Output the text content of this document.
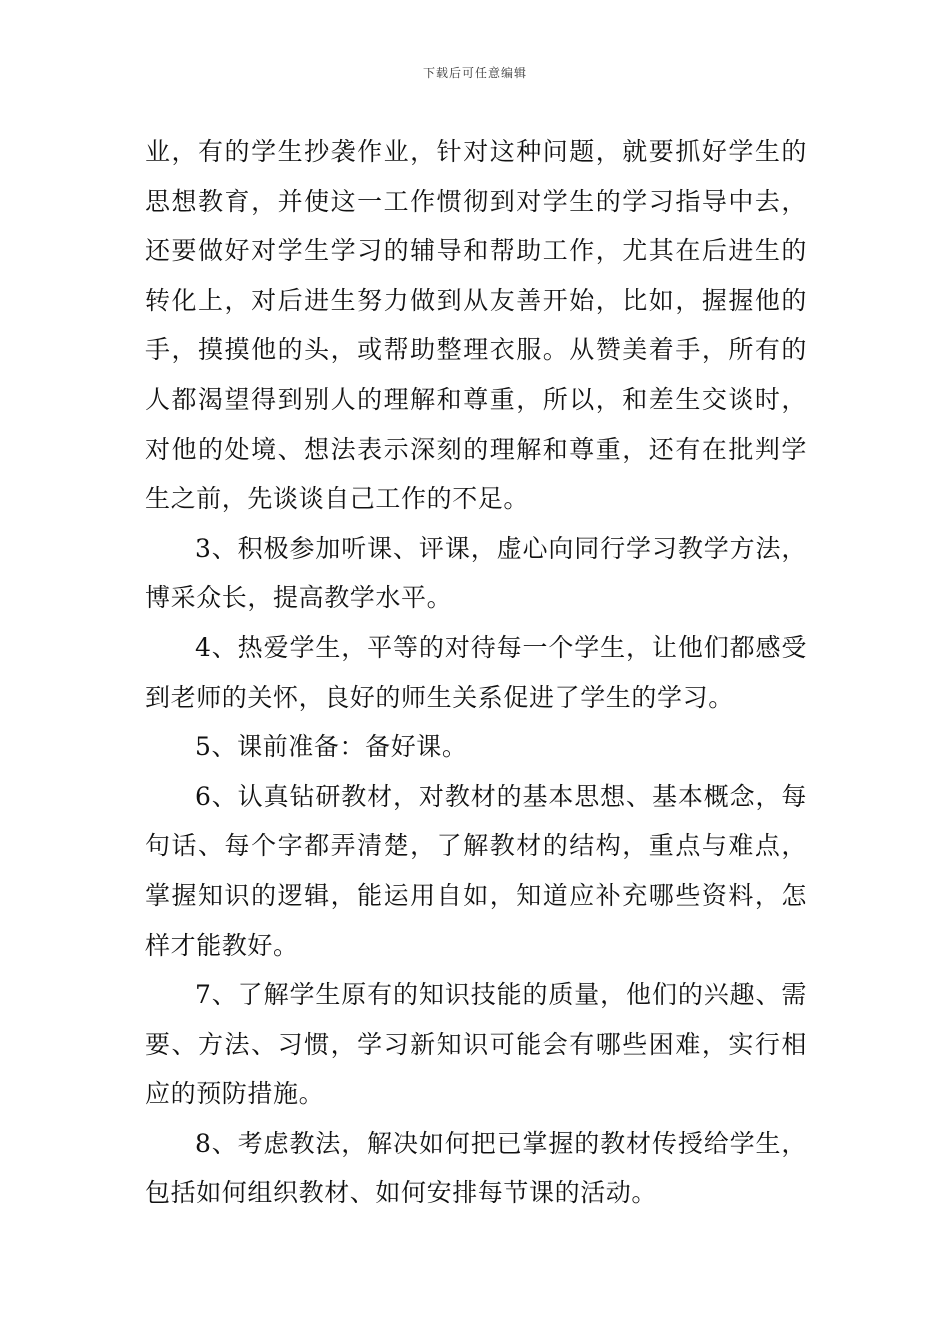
下载后可任意编辑

业，有的学生抄袭作业，针对这种问题，就要抓好学生的思想教育，并使这一工作惯彻到对学生的学习指导中去，还要做好对学生学习的辅导和帮助工作，尤其在后进生的转化上，对后进生努力做到从友善开始，比如，握握他的手，摸摸他的头，或帮助整理衣服。从赞美着手，所有的人都渴望得到别人的理解和尊重，所以，和差生交谈时，对他的处境、想法表示深刻的理解和尊重，还有在批判学生之前，先谈谈自己工作的不足。

3、积极参加听课、评课，虚心向同行学习教学方法，博采众长，提高教学水平。

4、热爱学生，平等的对待每一个学生，让他们都感受到老师的关怀，良好的师生关系促进了学生的学习。

5、课前准备：备好课。

6、认真钻研教材，对教材的基本思想、基本概念，每句话、每个字都弄清楚，了解教材的结构，重点与难点，掌握知识的逻辑，能运用自如，知道应补充哪些资料，怎样才能教好。

7、了解学生原有的知识技能的质量，他们的兴趣、需要、方法、习惯，学习新知识可能会有哪些困难，实行相应的预防措施。

8、考虑教法，解决如何把已掌握的教材传授给学生，包括如何组织教材、如何安排每节课的活动。
